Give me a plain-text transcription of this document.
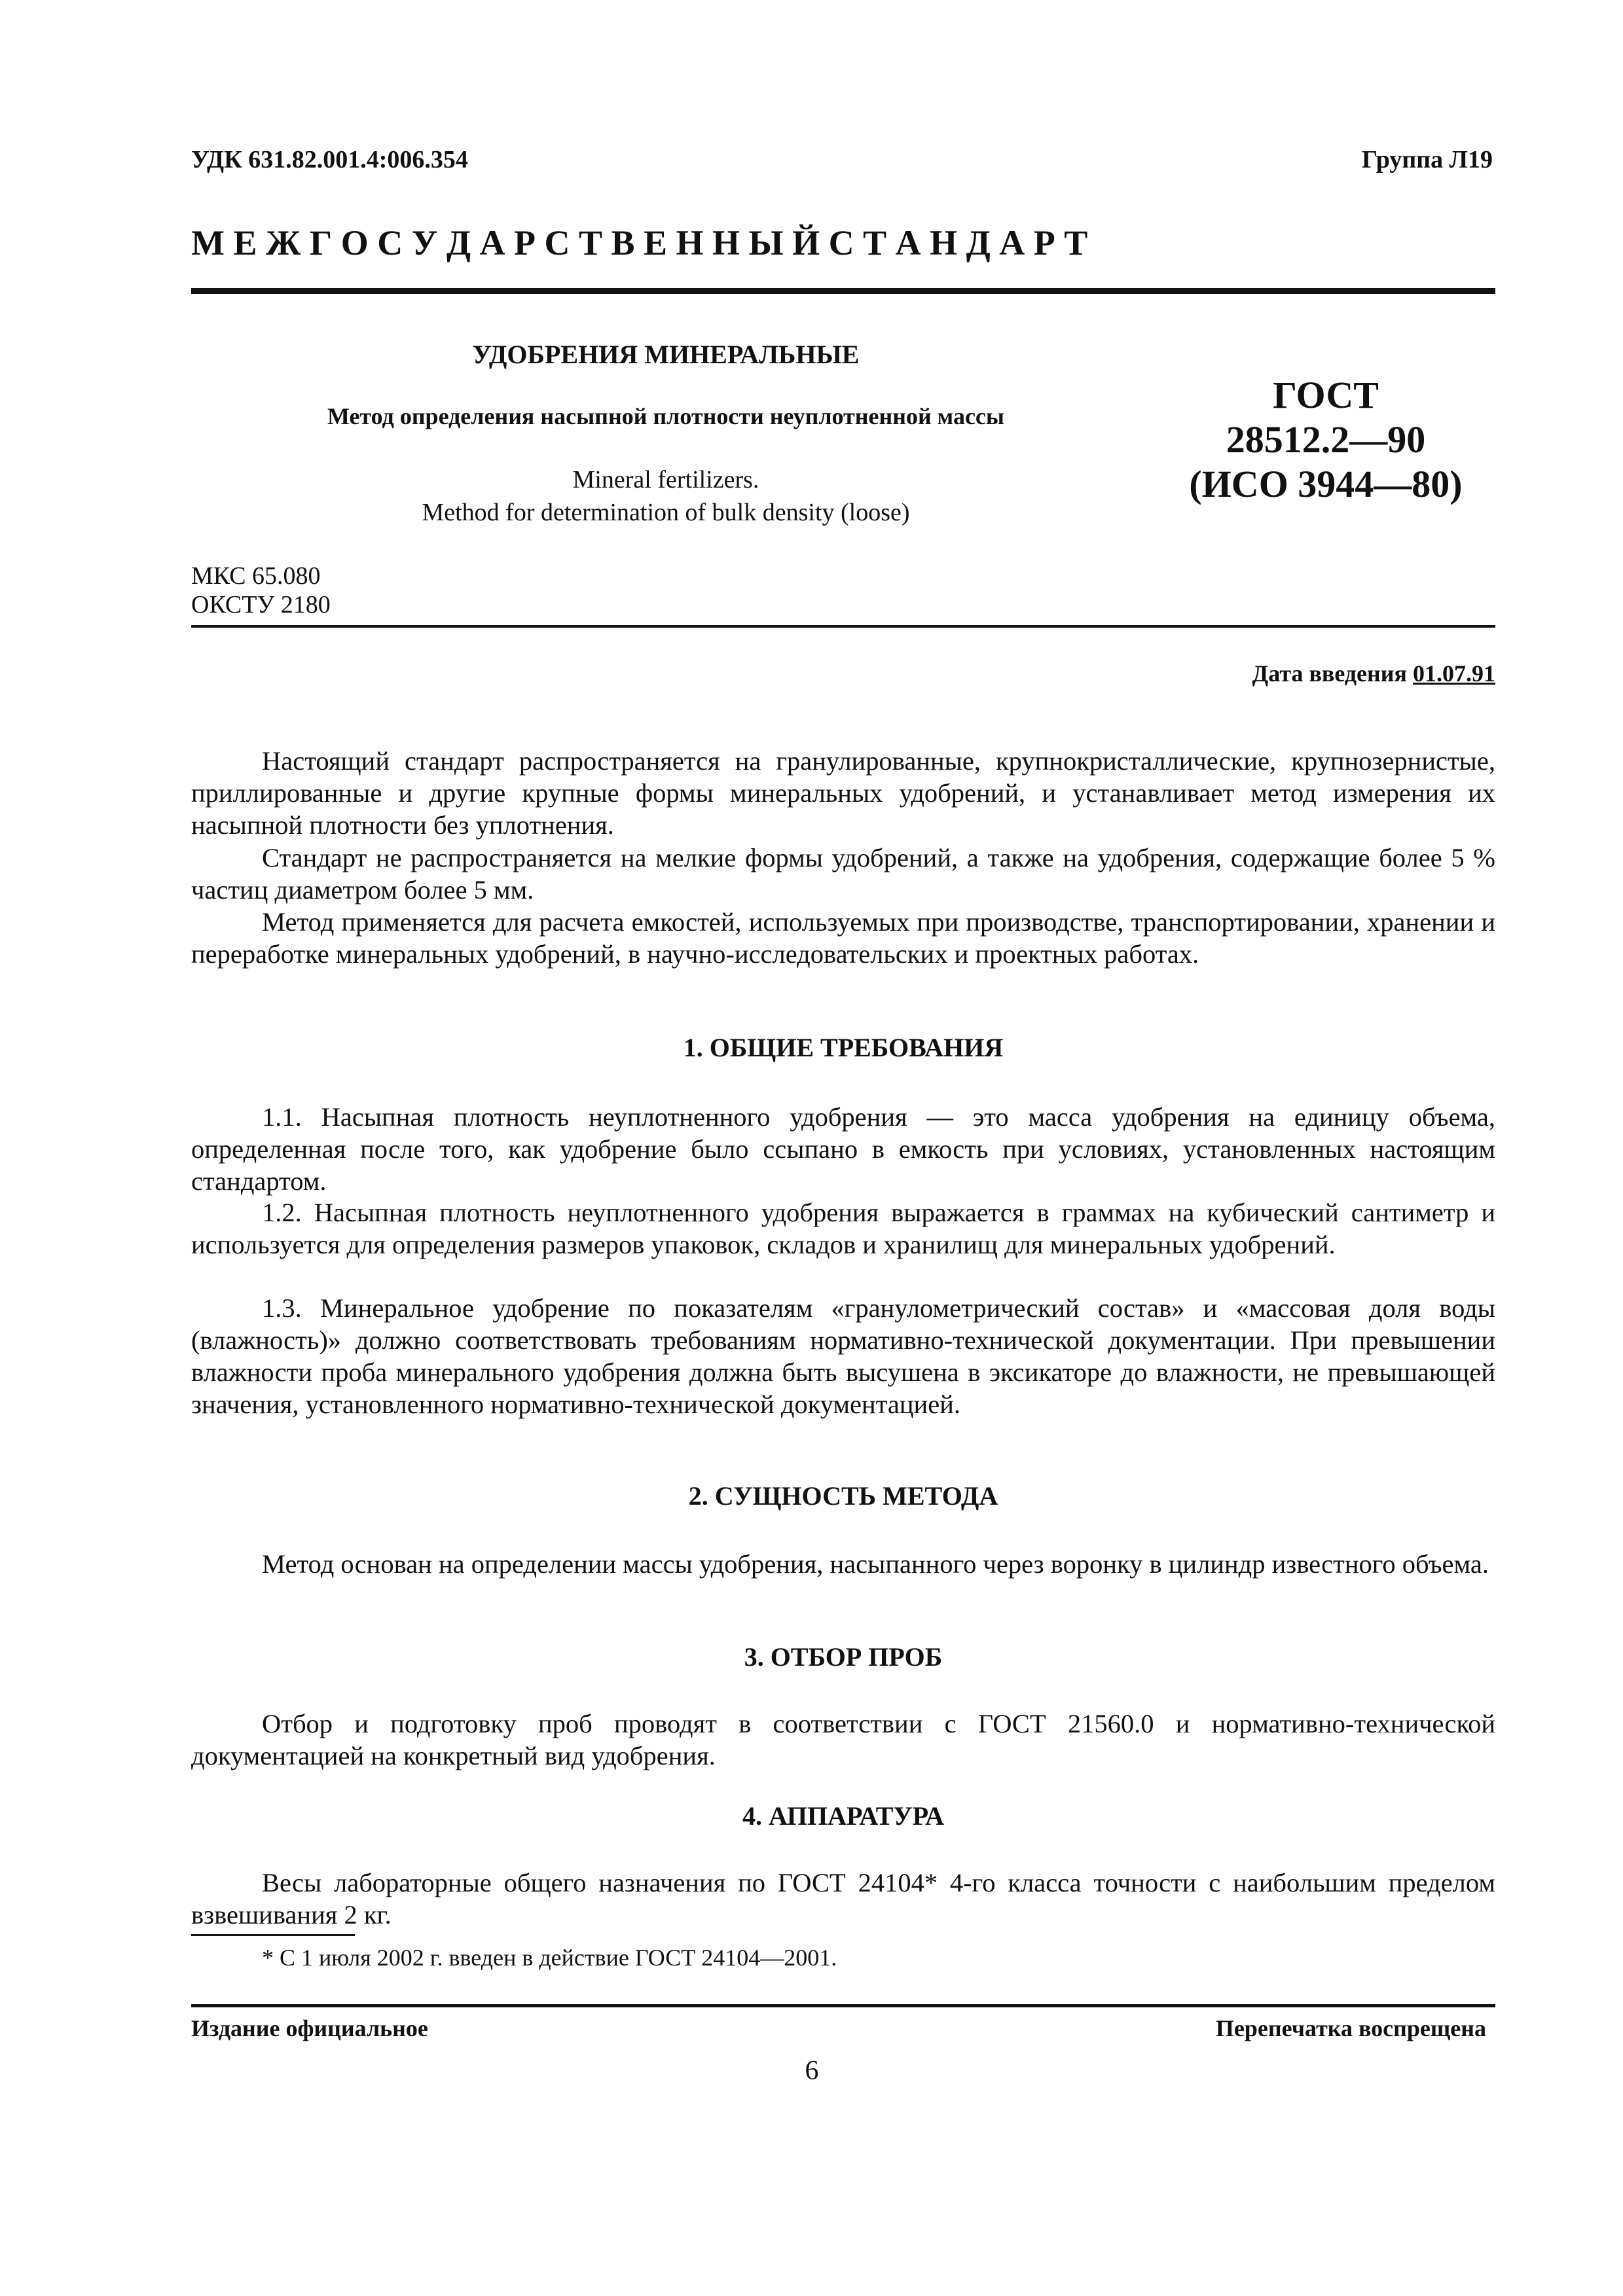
УДК 631.82.001.4:006.354	Группа Л19
М Е Ж Г О С У Д А Р С Т В Е Н Н Ы Й С Т А Н Д А Р Т
УДОБРЕНИЯ МИНЕРАЛЬНЫЕ
Метод определения насыпной плотности неуплотненной массы
Mineral fertilizers.
Method for determination of bulk density (loose)
ГОСТ
28512.2—90
(ИСО 3944—80)
МКС 65.080
ОКСТУ 2180
Дата введения 01.07.91
Настоящий стандарт распространяется на гранулированные, крупнокристаллические, крупнозернистые, приллированные и другие крупные формы минеральных удобрений, и устанавливает метод измерения их насыпной плотности без уплотнения.
Стандарт не распространяется на мелкие формы удобрений, а также на удобрения, содержащие более 5 % частиц диаметром более 5 мм.
Метод применяется для расчета емкостей, используемых при производстве, транспортировании, хранении и переработке минеральных удобрений, в научно-исследовательских и проектных работах.
1. ОБЩИЕ ТРЕБОВАНИЯ
1.1. Насыпная плотность неуплотненного удобрения — это масса удобрения на единицу объема, определенная после того, как удобрение было ссыпано в емкость при условиях, установленных настоящим стандартом.
1.2. Насыпная плотность неуплотненного удобрения выражается в граммах на кубический сантиметр и используется для определения размеров упаковок, складов и хранилищ для минеральных удобрений.
1.3. Минеральное удобрение по показателям «гранулометрический состав» и «массовая доля воды (влажность)» должно соответствовать требованиям нормативно-технической документации. При превышении влажности проба минерального удобрения должна быть высушена в эксикаторе до влажности, не превышающей значения, установленного нормативно-технической документацией.
2. СУЩНОСТЬ МЕТОДА
Метод основан на определении массы удобрения, насыпанного через воронку в цилиндр известного объема.
3. ОТБОР ПРОБ
Отбор и подготовку проб проводят в соответствии с ГОСТ 21560.0 и нормативно-технической документацией на конкретный вид удобрения.
4. АППАРАТУРА
Весы лабораторные общего назначения по ГОСТ 24104* 4-го класса точности с наибольшим пределом взвешивания 2 кг.
* С 1 июля 2002 г. введен в действие ГОСТ 24104—2001.
Издание официальное	Перепечатка воспрещена
6
